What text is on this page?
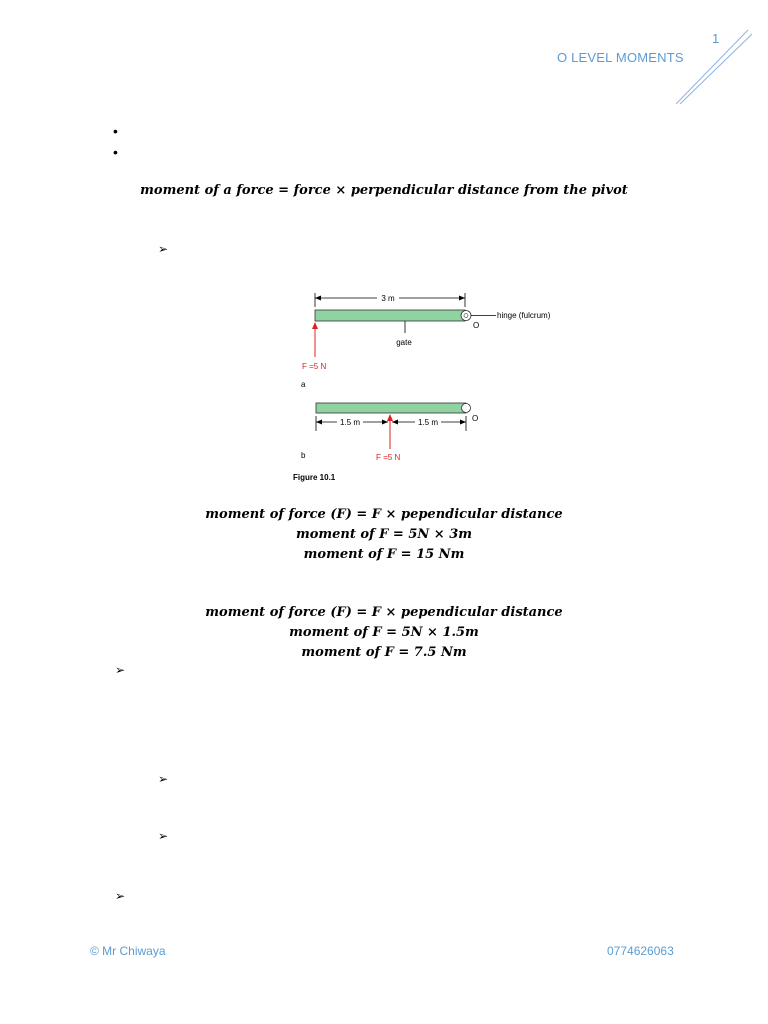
1
O LEVEL MOMENTS
•
•
moment of a force = force × perpendicular distance from the pivot
➢
3 m
hinge (fulcrum)
O
gate
F =5 N
a
O
1.5 m	1.5 m
F =5 N
b
Figure 10.1
moment of force (F) = F × pependicular distance
moment of F = 5N × 3m
moment of F = 15 Nm
moment of force (F) = F × pependicular distance
moment of F = 5N × 1.5m
moment of F = 7.5 Nm
➢
➢
➢
➢
© Mr Chiwaya	0774626063
